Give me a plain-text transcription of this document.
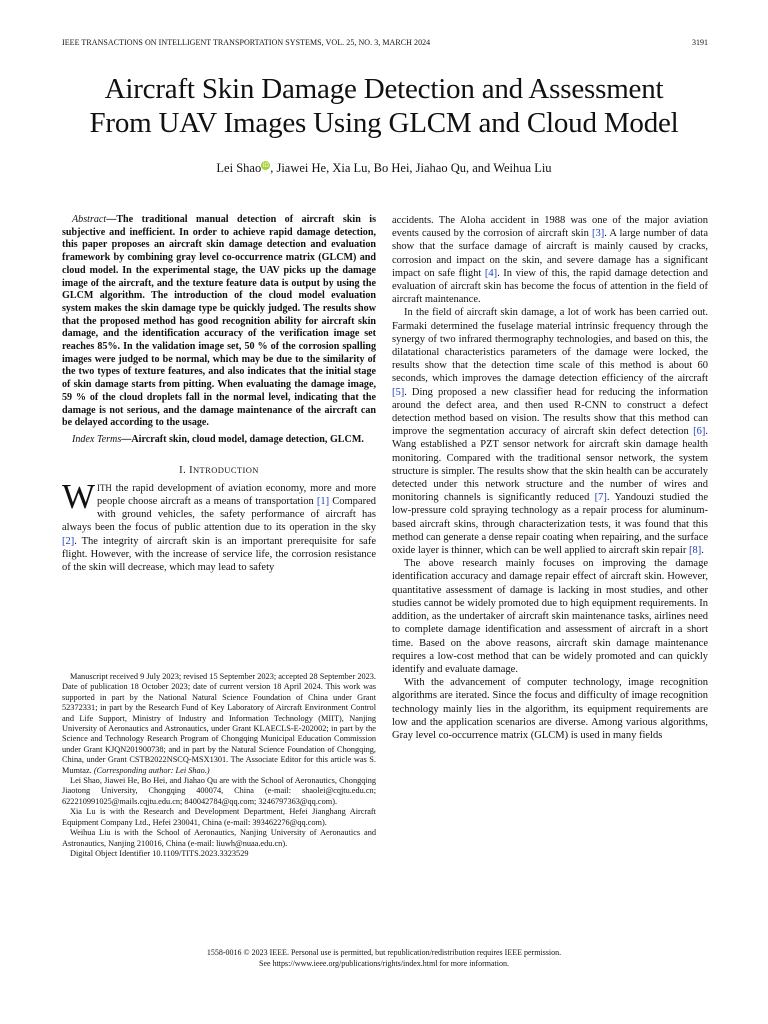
IEEE TRANSACTIONS ON INTELLIGENT TRANSPORTATION SYSTEMS, VOL. 25, NO. 3, MARCH 2024	3191
Aircraft Skin Damage Detection and Assessment
From UAV Images Using GLCM and Cloud Model
Lei ShaoiD, Jiawei He, Xia Lu, Bo Hei, Jiahao Qu, and Weihua Liu

Abstract—The traditional manual detection of aircraft skin is subjective and inefficient. In order to achieve rapid damage detection, this paper proposes an aircraft skin damage detection and evaluation framework by combining gray level co-occurrence matrix (GLCM) and cloud model. In the experimental stage, the UAV picks up the damage image of the aircraft, and the texture feature data is output by using the GLCM algorithm. The introduction of the cloud model evaluation system makes the skin damage type be quickly judged. The results show that the proposed method has good recognition ability for aircraft skin damage, and the identification accuracy of the verification image set reaches 85%. In the validation image set, 50 % of the corrosion spalling images were judged to be normal, which may be due to the similarity of the two types of texture features, and also indicates that the initial stage of skin damage starts from pitting. When evaluating the damage image, 59 % of the cloud droplets fall in the normal level, indicating that the damage is not serious, and the damage maintenance of the aircraft can be delayed according to the usage.

Index Terms—Aircraft skin, cloud model, damage detection, GLCM.

I. INTRODUCTION

WITH the rapid development of aviation economy, more and more people choose aircraft as a means of transportation [1] Compared with ground vehicles, the safety performance of aircraft has always been the focus of public attention due to its operation in the sky [2]. The integrity of aircraft skin is an important prerequisite for safe flight. However, with the increase of service life, the corrosion resistance of the skin will decrease, which may lead to safety

Manuscript received 9 July 2023; revised 15 September 2023; accepted 28 September 2023. Date of publication 18 October 2023; date of current version 18 April 2024. This work was supported in part by the National Natural Science Foundation of China under Grant 52372331; in part by the Research Fund of Key Laboratory of Aircraft Environment Control and Life Support, Ministry of Industry and Information Technology (MIIT), Nanjing University of Aeronautics and Astronautics, under Grant KLAECLS-E-202002; in part by the Science and Technology Research Program of Chongqing Municipal Education Commission under Grant KJQN201900738; and in part by the Natural Science Foundation of Chongqing, China, under Grant CSTB2022NSCQ-MSX1301. The Associate Editor for this article was S. Mumtaz. (Corresponding author: Lei Shao.)

Lei Shao, Jiawei He, Bo Hei, and Jiahao Qu are with the School of Aeronautics, Chongqing Jiaotong University, Chongqing 400074, China (e-mail: shaolei@cqjtu.edu.cn; 622210991025@mails.cqjtu.edu.cn; 840042784@qq.com; 3246797363@qq.com).

Xia Lu is with the Research and Development Department, Hefei Jianghang Aircraft Equipment Company Ltd., Hefei 230041, China (e-mail: 393462276@qq.com).

Weihua Liu is with the School of Aeronautics, Nanjing University of Aeronautics and Astronautics, Nanjing 210016, China (e-mail: liuwh@nuaa.edu.cn).

Digital Object Identifier 10.1109/TITS.2023.3323529

accidents. The Aloha accident in 1988 was one of the major aviation events caused by the corrosion of aircraft skin [3]. A large number of data show that the surface damage of aircraft is mainly caused by cracks, corrosion and impact on the skin, and severe damage has a significant impact on safe flight [4]. In view of this, the rapid damage detection and evaluation of aircraft skin has become the focus of attention in the field of aircraft maintenance.

In the field of aircraft skin damage, a lot of work has been carried out. Farmaki determined the fuselage material intrinsic frequency through the synergy of two infrared thermography technologies, and based on this, the dilatational characteristics parameters of the damage were locked, the results show that the detection time scale of this method is about 60 seconds, which improves the damage detection efficiency of the aircraft [5]. Ding proposed a new classifier head for reducing the information around the defect area, and then used R-CNN to construct a defect detection method based on vision. The results show that this method can improve the segmentation accuracy of aircraft skin defect detection [6]. Wang established a PZT sensor network for aircraft skin damage health monitoring. Compared with the traditional sensor network, the system structure is simpler. The results show that the skin health can be accurately detected under this network structure and the number of wires and monitoring channels is significantly reduced [7]. Yandouzi studied the low-pressure cold spraying technology as a repair process for aluminum-based aircraft skins, through characterization tests, it was found that this method can generate a dense repair coating when repairing, and the surface oxide layer is thinner, which can be well applied to aircraft skin repair [8].

The above research mainly focuses on improving the damage identification accuracy and damage repair effect of aircraft skin. However, quantitative assessment of damage is lacking in most studies, and other studies cannot be widely promoted due to high equipment requirements. In addition, as the undertaker of aircraft skin maintenance tasks, airlines need to complete damage identification and assessment of aircraft in a short time. Based on the above reasons, aircraft skin damage maintenance requires a low-cost method that can be widely promoted and can quickly identify and evaluate damage.

With the advancement of computer technology, image recognition algorithms are iterated. Since the focus and difficulty of image recognition technology mainly lies in the algorithm, its equipment requirements are low and the application scenarios are diverse. Among various algorithms, Gray level co-occurrence matrix (GLCM) is used in many fields

1558-0016 © 2023 IEEE. Personal use is permitted, but republication/redistribution requires IEEE permission.
See https://www.ieee.org/publications/rights/index.html for more information.
